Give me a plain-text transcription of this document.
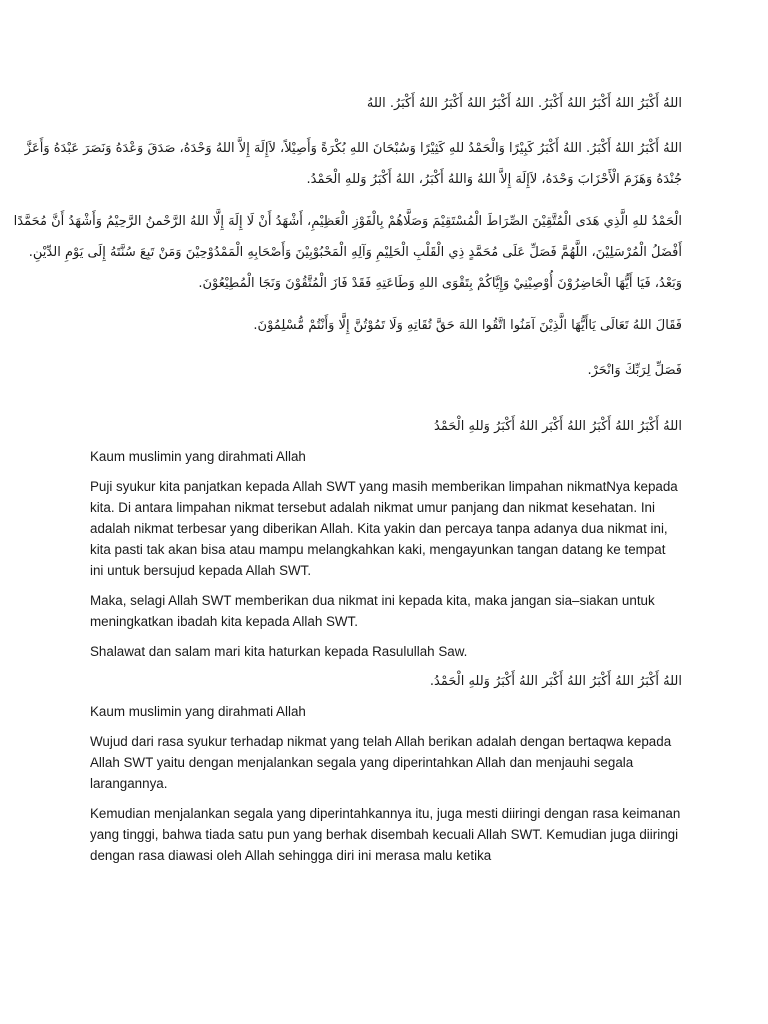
اللهُ أَكْبَرُ اللهُ أَكْبَرُ اللهُ أَكْبَرُ. اللهُ أَكْبَرُ اللهُ أَكْبَرُ اللهُ أَكْبَرُ. اللهُ

اللهُ أَكْبَرُ اللهُ أَكْبَرُ. اللهُ أَكْبَرُ كَبِيْرًا وَالْحَمْدُ للهِ كَثِيْرًا وَسُبْحَانَ اللهِ بُكْرَةً وَأَصِيْلاً، لاَإِلَهَ إِلاَّ اللهُ وَحْدَهُ، صَدَقَ وَعْدَهُ وَنَصَرَ عَبْدَهُ وَأَعَزَّ

جُنْدَهُ وَهَزَمَ الْأَحْزَابَ وَحْدَهُ، لاَإِلَهَ إِلاَّ اللهُ وَاللهُ أَكْبَرُ، اللهُ أَكْبَرُ وَللهِ الْحَمْدُ.

الْحَمْدُ للهِ الَّذِي هَدَى الْمُتَّقِيْنَ الصِّرَاطَ الْمُسْتَقِيْمَ وَصَلَّاهُمْ بِالْفَوْزِ الْعَظِيْمِ، أَشْهَدُ أَنْ لَا إِلَهَ إِلَّا اللهُ الرَّحْمنُ الرَّحِيْمُ وَأَشْهَدُ أَنَّ مُحَمَّدًا

أَفْضَلُ الْمُرْسَلِيْنَ، اللَّهُمَّ فَصَلِّ عَلَى مُحَمَّدٍ ذِي الْقَلْبِ الْحَلِيْمِ وَآلِهِ الْمَحْبُوْبِيْنَ وَأَصْحَابِهِ الْمَمْدُوْحِيْنَ وَمَنْ تَبِعَ سُنَّتَهُ إِلَى يَوْمِ الدِّيْنِ.

وَبَعْدُ، فَيَا أَيُّهَا الْحَاضِرُوْنَ أُوْصِيْنِيْ وَإِيَّاكُمْ بِتَقْوَى اللهِ وَطَاعَتِهِ فَقَدْ فَازَ الْمُتَّقُوْنَ وَنَجَا الْمُطِيْعُوْنَ.

فَقَالَ اللهُ تَعَالَى يَاأَيُّهَا الَّذِيْنَ آمَنُوا اتَّقُوا اللهَ حَقَّ تُقَاتِهِ وَلَا تَمُوْتُنَّ إِلَّا وَأَنْتُمْ مُّسْلِمُوْنَ.

فَصَلِّ لِرَبِّكَ وَانْحَرْ.

اللهُ أَكْبَرُ اللهُ أَكْبَرُ اللهُ أَكْبَر اللهُ أَكْبَرُ وَللهِ الْحَمْدُ

Kaum muslimin yang dirahmati Allah

Puji syukur kita panjatkan kepada Allah SWT yang masih memberikan limpahan nikmatNya kepada kita. Di antara limpahan nikmat tersebut adalah nikmat umur panjang dan nikmat kesehatan. Ini adalah nikmat terbesar yang diberikan Allah. Kita yakin dan percaya tanpa adanya dua nikmat ini, kita pasti tak akan bisa atau mampu melangkahkan kaki, mengayunkan tangan datang ke tempat ini untuk bersujud kepada Allah SWT.

Maka, selagi Allah SWT memberikan dua nikmat ini kepada kita, maka jangan sia–siakan untuk meningkatkan ibadah kita kepada Allah SWT.

Shalawat dan salam mari kita haturkan kepada Rasulullah Saw.

اللهُ أَكْبَرُ اللهُ أَكْبَرُ اللهُ أَكْبَر اللهُ أَكْبَرُ وَللهِ الْحَمْدُ.

Kaum muslimin yang dirahmati Allah

Wujud dari rasa syukur terhadap nikmat yang telah Allah berikan adalah dengan bertaqwa kepada Allah SWT yaitu dengan menjalankan segala yang diperintahkan Allah dan menjauhi segala larangannya.

Kemudian menjalankan segala yang diperintahkannya itu, juga mesti diiringi dengan rasa keimanan yang tinggi, bahwa tiada satu pun yang berhak disembah kecuali Allah SWT. Kemudian juga diiringi dengan rasa diawasi oleh Allah sehingga diri ini merasa malu ketika
